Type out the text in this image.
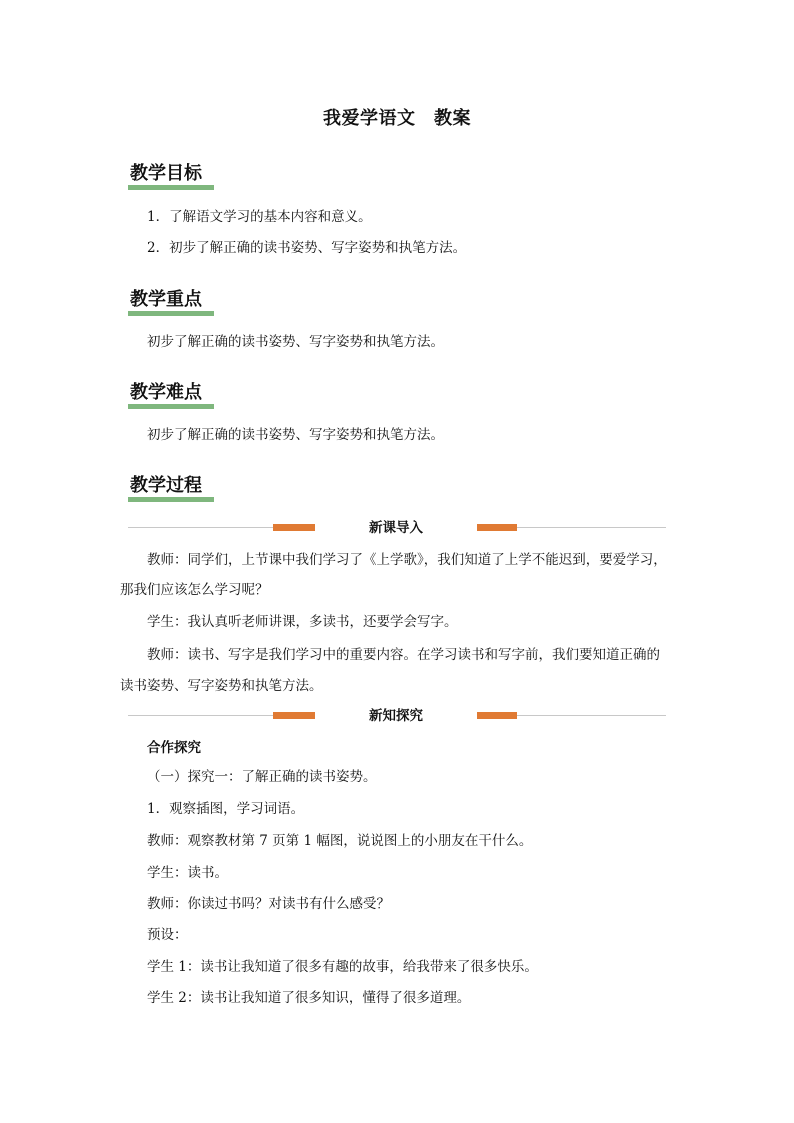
我爱学语文　教案
教学目标
1．了解语文学习的基本内容和意义。
2．初步了解正确的读书姿势、写字姿势和执笔方法。
教学重点
初步了解正确的读书姿势、写字姿势和执笔方法。
教学难点
初步了解正确的读书姿势、写字姿势和执笔方法。
教学过程
新课导入
教师：同学们，上节课中我们学习了《上学歌》，我们知道了上学不能迟到，要爱学习，
那我们应该怎么学习呢？
学生：我认真听老师讲课，多读书，还要学会写字。
教师：读书、写字是我们学习中的重要内容。在学习读书和写字前，我们要知道正确的
读书姿势、写字姿势和执笔方法。
新知探究
合作探究
（一）探究一：了解正确的读书姿势。
1．观察插图，学习词语。
教师：观察教材第 7 页第 1 幅图，说说图上的小朋友在干什么。
学生：读书。
教师：你读过书吗？对读书有什么感受？
预设：
学生 1：读书让我知道了很多有趣的故事，给我带来了很多快乐。
学生 2：读书让我知道了很多知识，懂得了很多道理。
